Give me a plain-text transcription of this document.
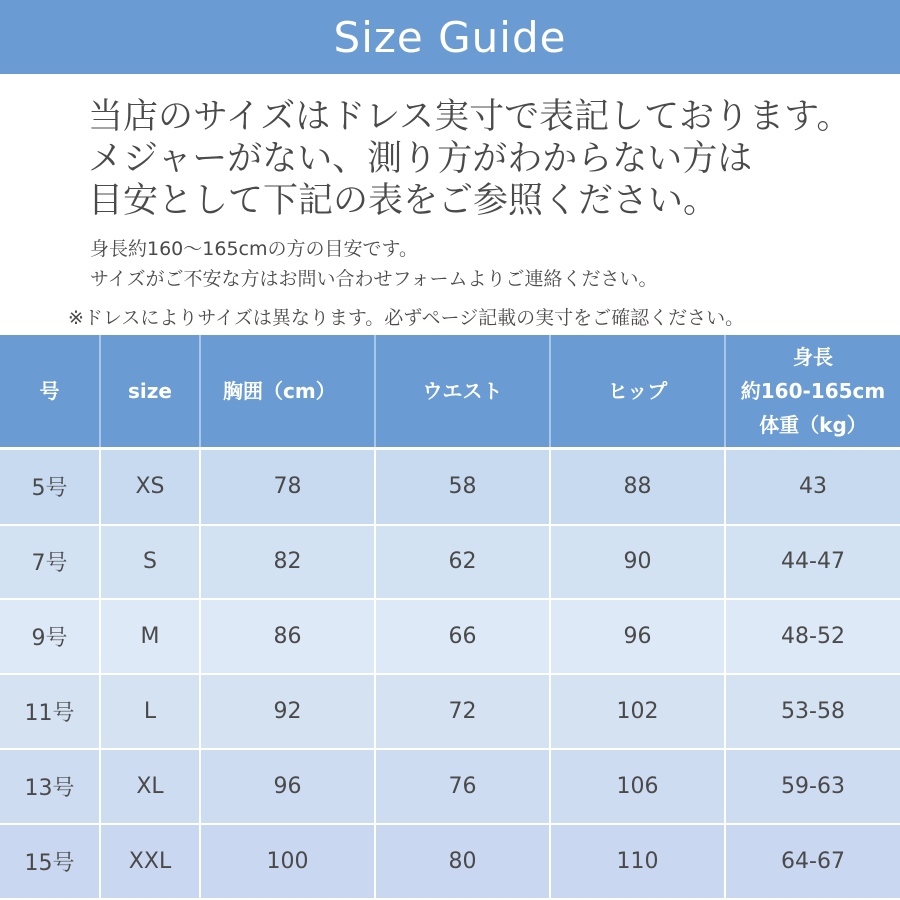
Size Guide
当店のサイズはドレス実寸で表記しております。
メジャーがない、測り方がわからない方は
目安として下記の表をご参照ください。
身長約160〜165cmの方の目安です。
サイズがご不安な方はお問い合わせフォームよりご連絡ください。
※ドレスによりサイズは異なります。必ずページ記載の実寸をご確認ください。
号	size	胸囲（cm）	ウエスト	ヒップ	身長
約160-165cm
体重（kg）

5号	XS	78	58	88	43
7号	S	82	62	90	44-47
9号	M	86	66	96	48-52
11号	L	92	72	102	53-58
13号	XL	96	76	106	59-63
15号	XXL	100	80	110	64-67
